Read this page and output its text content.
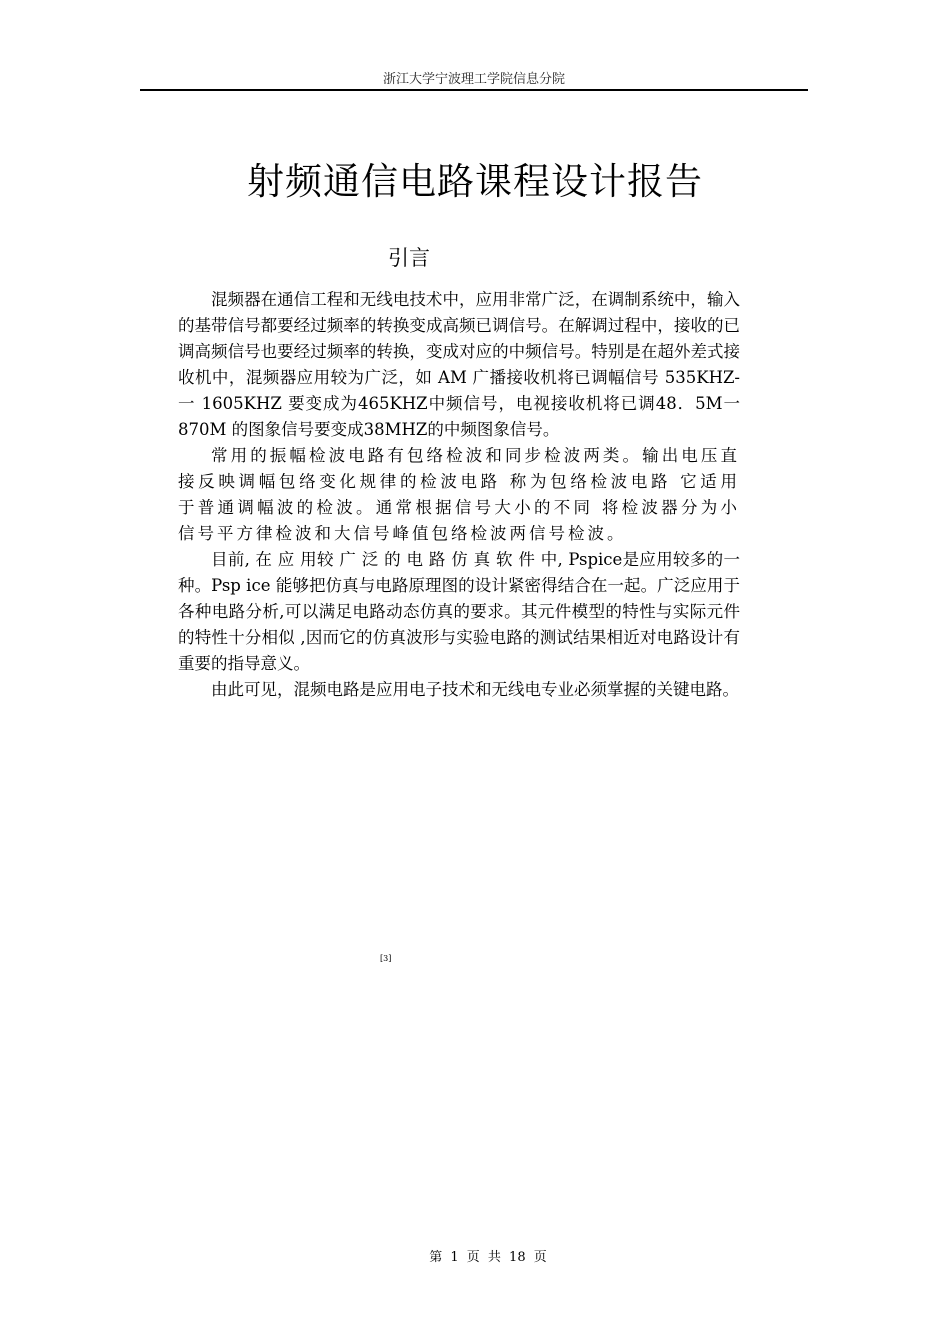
浙江大学宁波理工学院信息分院
射频通信电路课程设计报告
引言

混频器在通信工程和无线电技术中，应用非常广泛，在调制系统中，输入的基带信号都要经过频率的转换变成高频已调信号。在解调过程中，接收的已调高频信号也要经过频率的转换，变成对应的中频信号。特别是在超外差式接收机中，混频器应用较为广泛，如 AM 广播接收机将已调幅信号 535KHZ-一 1605KHZ 要变成为465KHZ中频信号，电视接收机将已调48．5M一870M 的图象信号要变成38MHZ的中频图象信号。

常用的振幅检波电路有包络检波和同步检波两类。输出电压直接反映调幅包络变化规律的检波电路 称为包络检波电路 它适用于普通调幅波的检波。通常根据信号大小的不同 将检波器分为小信号平方律检波和大信号峰值包络检波两信号检波。

目前, 在 应 用较 广 泛 的 电 路 仿 真 软 件 中, Pspice是应用较多的一种。Psp ice 能够把仿真与电路原理图的设计紧密得结合在一起。广泛应用于各种电路分析,可以满足电路动态仿真的要求。其元件模型的特性与实际元件的特性十分相似 ,因而它的仿真波形与实验电路的测试结果相近对电路设计有重要的指导意义。

由此可见，混频电路是应用电子技术和无线电专业必须掌握的关键电路。

[3]
第 1 页 共 18 页
